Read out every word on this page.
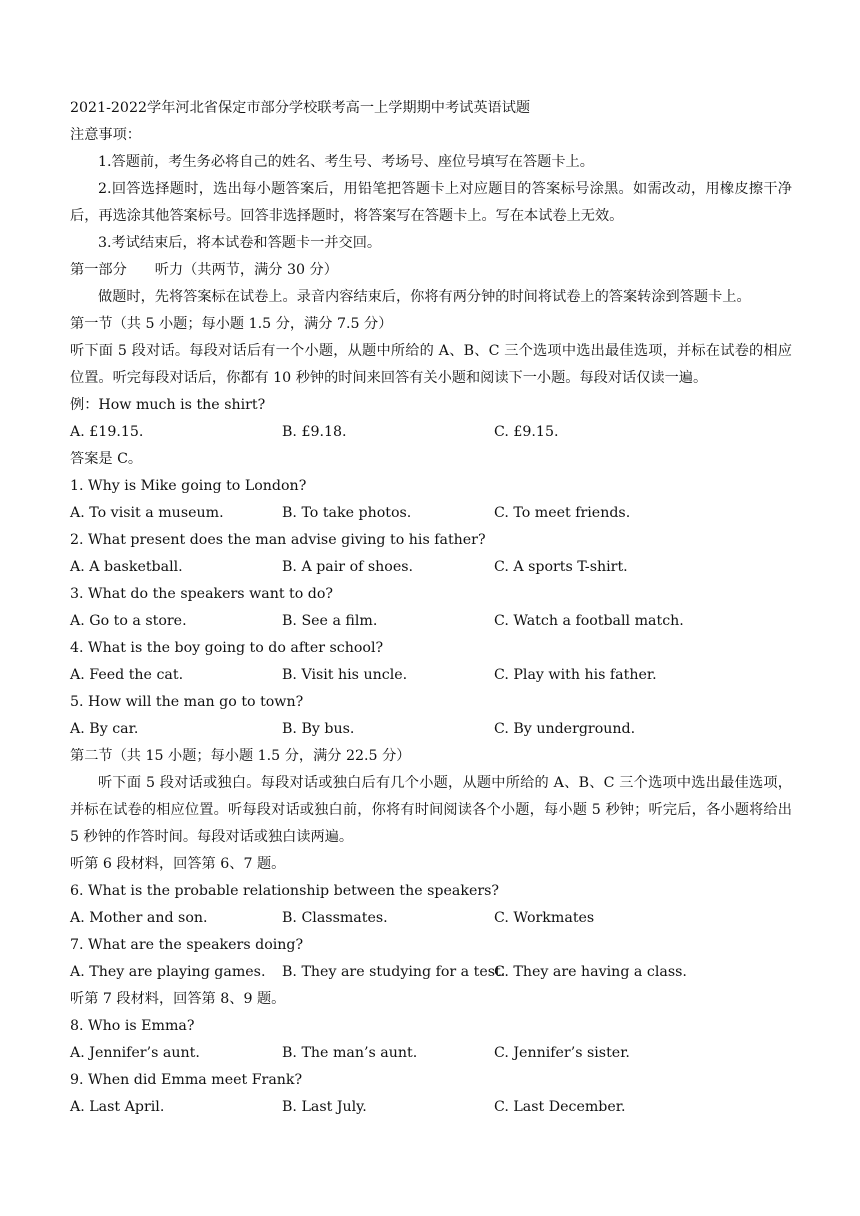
2021-2022学年河北省保定市部分学校联考高一上学期期中考试英语试题
注意事项：
1.答题前，考生务必将自己的姓名、考生号、考场号、座位号填写在答题卡上。
2.回答选择题时，选出每小题答案后，用铅笔把答题卡上对应题目的答案标号涂黑。如需改动，用橡皮擦干净后，再选涂其他答案标号。回答非选择题时，将答案写在答题卡上。写在本试卷上无效。
3.考试结束后，将本试卷和答题卡一并交回。
第一部分 听力（共两节，满分 30 分）
做题时，先将答案标在试卷上。录音内容结束后，你将有两分钟的时间将试卷上的答案转涂到答题卡上。
第一节（共 5 小题；每小题 1.5 分，满分 7.5 分）
听下面 5 段对话。每段对话后有一个小题，从题中所给的 A、B、C 三个选项中选出最佳选项，并标在试卷的相应位置。听完每段对话后，你都有 10 秒钟的时间来回答有关小题和阅读下一小题。每段对话仅读一遍。
例：How much is the shirt?
A. £19.15.	B. £9.18.	C. £9.15.
答案是 C。
1. Why is Mike going to London?
A. To visit a museum.	B. To take photos.	C. To meet friends.
2. What present does the man advise giving to his father?
A. A basketball.	B. A pair of shoes.	C. A sports T-shirt.
3. What do the speakers want to do?
A. Go to a store.	B. See a film.	C. Watch a football match.
4. What is the boy going to do after school?
A. Feed the cat.	B. Visit his uncle.	C. Play with his father.
5. How will the man go to town?
A. By car.	B. By bus.	C. By underground.
第二节（共 15 小题；每小题 1.5 分，满分 22.5 分）
听下面 5 段对话或独白。每段对话或独白后有几个小题，从题中所给的 A、B、C 三个选项中选出最佳选项，并标在试卷的相应位置。听每段对话或独白前，你将有时间阅读各个小题，每小题 5 秒钟；听完后，各小题将给出 5 秒钟的作答时间。每段对话或独白读两遍。
听第 6 段材料，回答第 6、7 题。
6. What is the probable relationship between the speakers?
A. Mother and son.	B. Classmates.	C. Workmates
7. What are the speakers doing?
A. They are playing games.	B. They are studying for a test.
C. They are having a class.
听第 7 段材料，回答第 8、9 题。
8. Who is Emma?
A. Jennifer’s aunt.	B. The man’s aunt.	C. Jennifer’s sister.
9. When did Emma meet Frank?
A. Last April.	B. Last July.	C. Last December.
